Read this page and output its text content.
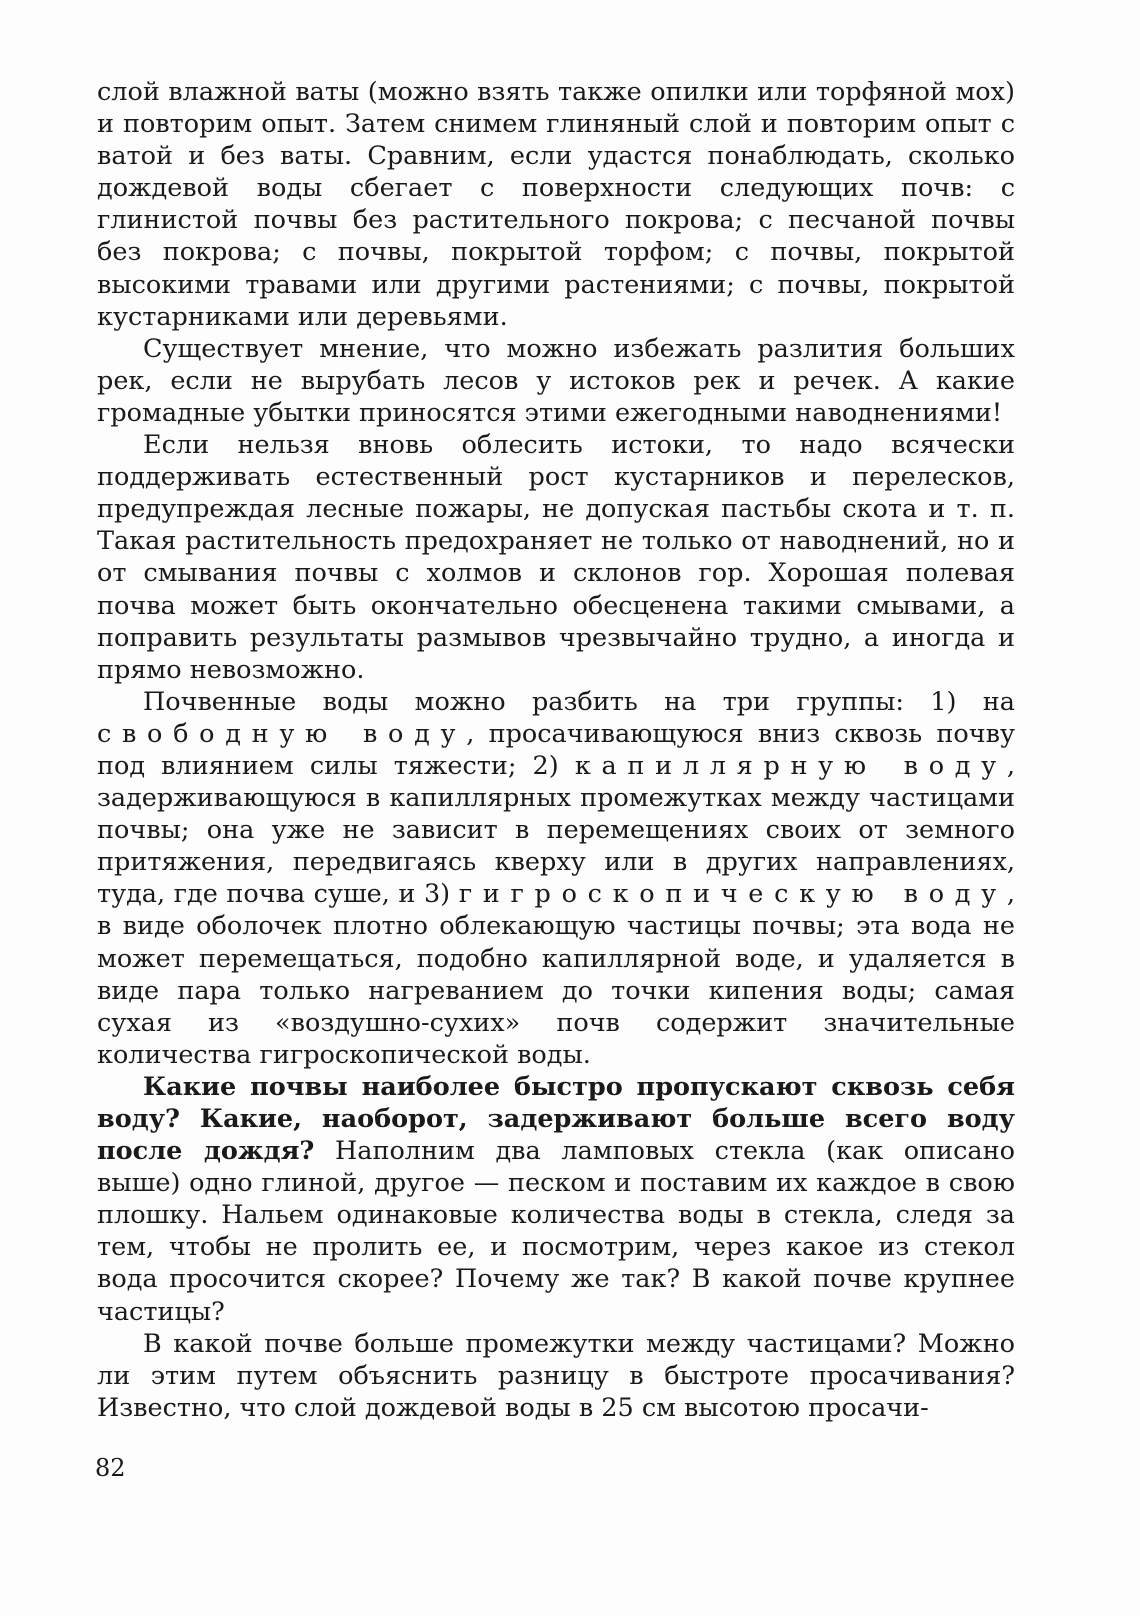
слой влажной ваты (можно взять также опилки или торфяной мох) и повторим опыт. Затем снимем глиняный слой и повторим опыт с ватой и без ваты. Сравним, если удастся понаблюдать, сколько дождевой воды сбегает с поверхности следующих почв: с глинистой почвы без растительного покрова; с песчаной почвы без покрова; с почвы, покрытой торфом; с почвы, покрытой высокими травами или другими растениями; с почвы, покрытой кустарниками или деревьями.

Существует мнение, что можно избежать разлития больших рек, если не вырубать лесов у истоков рек и речек. А какие громадные убытки приносятся этими ежегодными наводнениями!

Если нельзя вновь облесить истоки, то надо всячески поддерживать естественный рост кустарников и перелесков, предупреждая лесные пожары, не допуская пастьбы скота и т. п. Такая растительность предохраняет не только от наводнений, но и от смывания почвы с холмов и склонов гор. Хорошая полевая почва может быть окончательно обесценена такими смывами, а поправить результаты размывов чрезвычайно трудно, а иногда и прямо невозможно.

Почвенные воды можно разбить на три группы: 1) на свободную воду, просачивающуюся вниз сквозь почву под влиянием силы тяжести; 2) капиллярную воду, задерживающуюся в капиллярных промежутках между частицами почвы; она уже не зависит в перемещениях своих от земного притяжения, передвигаясь кверху или в других направлениях, туда, где почва суше, и 3) гигроскопическую воду, в виде оболочек плотно облекающую частицы почвы; эта вода не может перемещаться, подобно капиллярной воде, и удаляется в виде пара только нагреванием до точки кипения воды; самая сухая из «воздушно-сухих» почв содержит значительные количества гигроскопической воды.

Какие почвы наиболее быстро пропускают сквозь себя воду? Какие, наоборот, задерживают больше всего воду после дождя? Наполним два ламповых стекла (как описано выше) одно глиной, другое — песком и поставим их каждое в свою плошку. Нальем одинаковые количества воды в стекла, следя за тем, чтобы не пролить ее, и посмотрим, через какое из стекол вода просочится скорее? Почему же так? В какой почве крупнее частицы?

В какой почве больше промежутки между частицами? Можно ли этим путем объяснить разницу в быстроте просачивания? Известно, что слой дождевой воды в 25 см высотою просачи-

82
